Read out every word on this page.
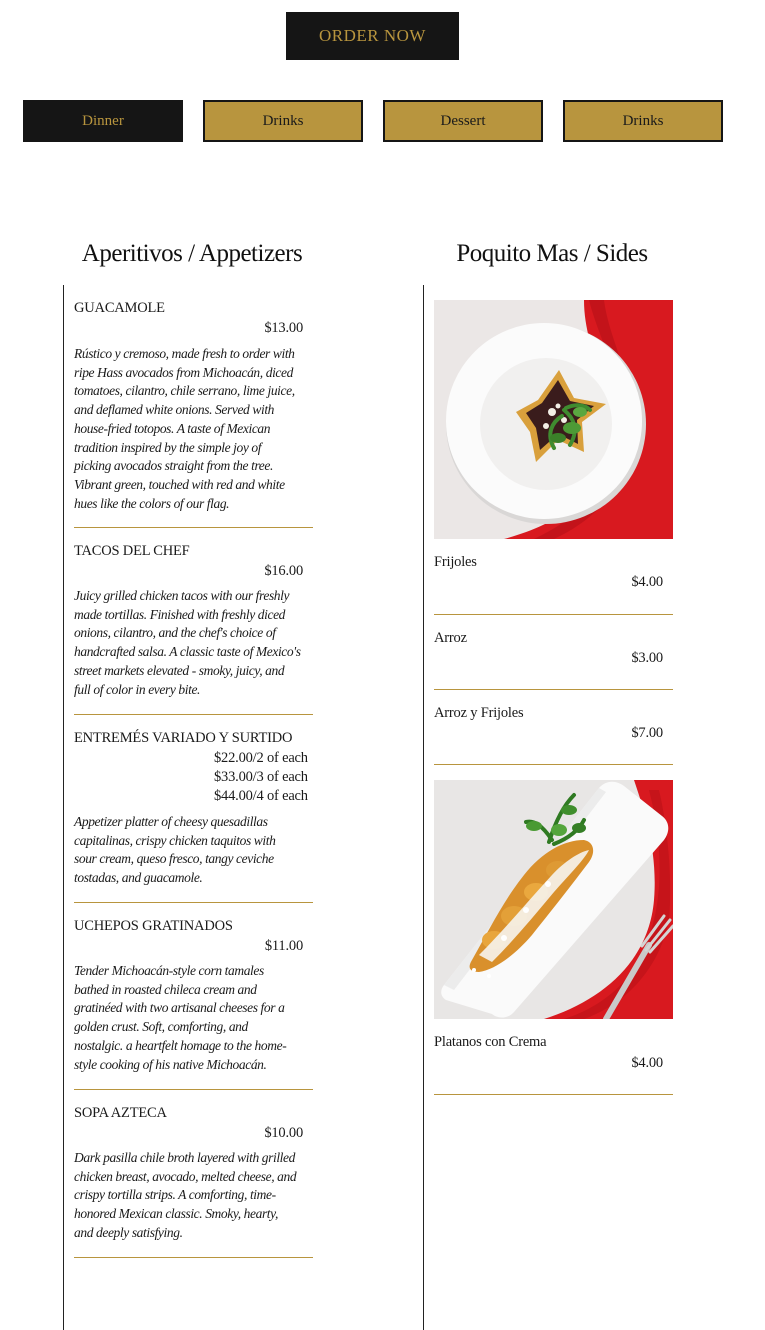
ORDER NOW
Dinner	Drinks	Dessert	Drinks
Aperitivos / Appetizers	Poquito Mas / Sides
GUACAMOLE
$13.00
Rústico y cremoso, made fresh to order with
ripe Hass avocados from Michoacán, diced
tomatoes, cilantro, chile serrano, lime juice,
and deflamed white onions. Served with
house-fried totopos. A taste of Mexican
tradition inspired by the simple joy of
picking avocados straight from the tree.
Vibrant green, touched with red and white
hues like the colors of our flag.
TACOS DEL CHEF
$16.00
Juicy grilled chicken tacos with our freshly
made tortillas. Finished with freshly diced
onions, cilantro, and the chef's choice of
handcrafted salsa. A classic taste of Mexico's
street markets elevated - smoky, juicy, and
full of color in every bite.
ENTREMÉS VARIADO Y SURTIDO
$22.00/2 of each
$33.00/3 of each
$44.00/4 of each
Appetizer platter of cheesy quesadillas
capitalinas, crispy chicken taquitos with
sour cream, queso fresco, tangy ceviche
tostadas, and guacamole.
UCHEPOS GRATINADOS
$11.00
Tender Michoacán-style corn tamales
bathed in roasted chileca cream and
gratinéed with two artisanal cheeses for a
golden crust. Soft, comforting, and
nostalgic. a heartfelt homage to the home-
style cooking of his native Michoacán.
SOPA AZTECA
$10.00
Dark pasilla chile broth layered with grilled
chicken breast, avocado, melted cheese, and
crispy tortilla strips. A comforting, time-
honored Mexican classic. Smoky, hearty,
and deeply satisfying.
Frijoles
$4.00
Arroz
$3.00
Arroz y Frijoles
$7.00
Platanos con Crema
$4.00
